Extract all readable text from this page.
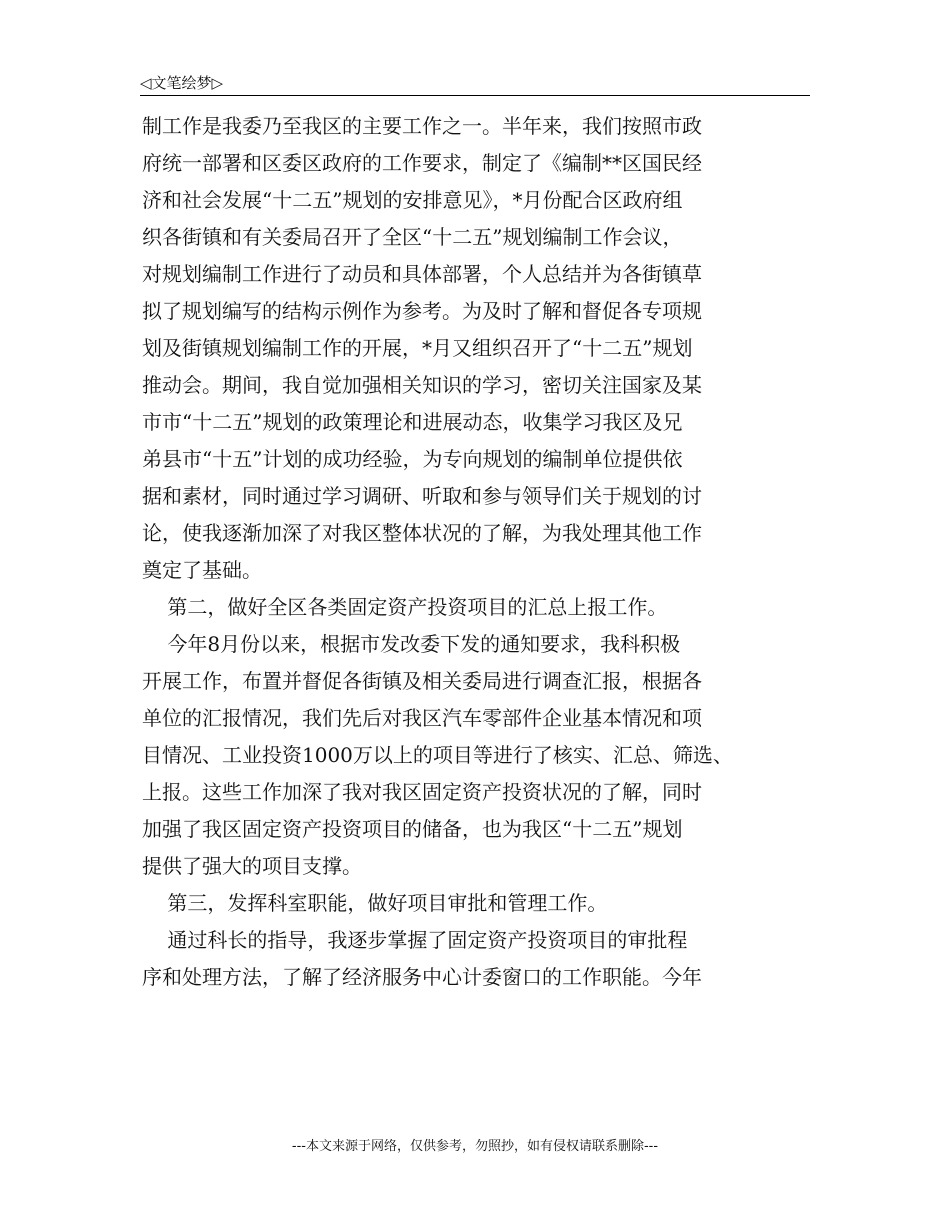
◁文笔绘梦▷
制工作是我委乃至我区的主要工作之一。半年来，我们按照市政
府统一部署和区委区政府的工作要求，制定了《编制**区国民经
济和社会发展“十二五”规划的安排意见》，*月份配合区政府组
织各街镇和有关委局召开了全区“十二五”规划编制工作会议，
对规划编制工作进行了动员和具体部署，个人总结并为各街镇草
拟了规划编写的结构示例作为参考。为及时了解和督促各专项规
划及街镇规划编制工作的开展，*月又组织召开了“十二五”规划
推动会。期间，我自觉加强相关知识的学习，密切关注国家及某
市市“十二五”规划的政策理论和进展动态，收集学习我区及兄
弟县市“十五”计划的成功经验，为专向规划的编制单位提供依
据和素材，同时通过学习调研、听取和参与领导们关于规划的讨
论，使我逐渐加深了对我区整体状况的了解，为我处理其他工作
奠定了基础。
第二，做好全区各类固定资产投资项目的汇总上报工作。
今年8月份以来，根据市发改委下发的通知要求，我科积极
开展工作，布置并督促各街镇及相关委局进行调查汇报，根据各
单位的汇报情况，我们先后对我区汽车零部件企业基本情况和项
目情况、工业投资1000万以上的项目等进行了核实、汇总、筛选、
上报。这些工作加深了我对我区固定资产投资状况的了解，同时
加强了我区固定资产投资项目的储备，也为我区“十二五”规划
提供了强大的项目支撑。
第三，发挥科室职能，做好项目审批和管理工作。
通过科长的指导，我逐步掌握了固定资产投资项目的审批程
序和处理方法，了解了经济服务中心计委窗口的工作职能。今年
---本文来源于网络，仅供参考，勿照抄，如有侵权请联系删除---
